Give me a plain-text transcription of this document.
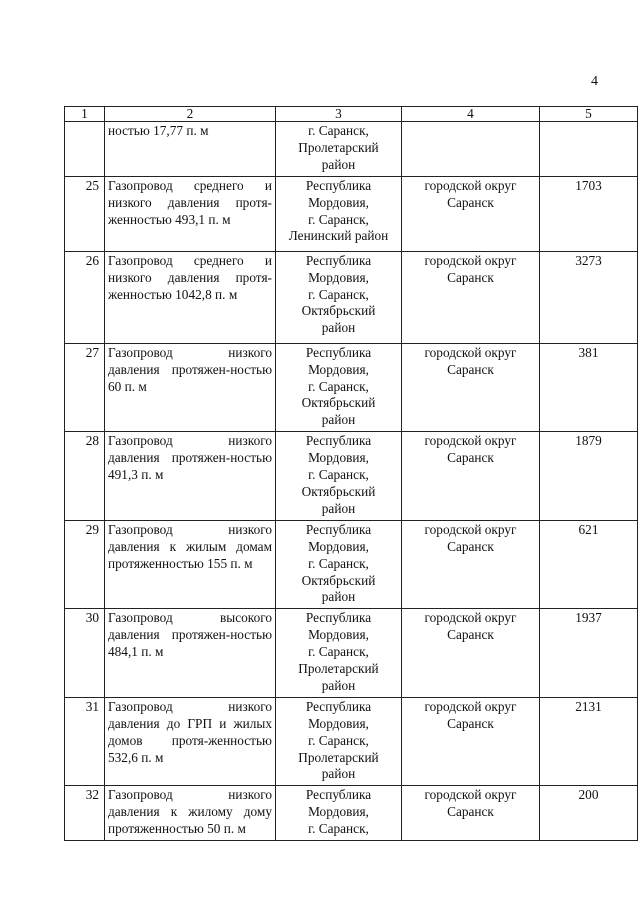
4
1	2	3	4	5
	ностью 17,77 п. м	г. Саранск,
Пролетарский
район		
25	Газопровод среднего и низкого давления протя-женностью 493,1 п. м	Республика
Мордовия,
г. Саранск,
Ленинский район	городской округ
Саранск	1703
26	Газопровод среднего и низкого давления протя-женностью 1042,8 п. м	Республика
Мордовия,
г. Саранск,
Октябрьский
район	городской округ
Саранск	3273
27	Газопровод низкого давления протяжен-ностью 60 п. м	Республика
Мордовия,
г. Саранск,
Октябрьский
район	городской округ
Саранск	381
28	Газопровод низкого давления протяжен-ностью 491,3 п. м	Республика
Мордовия,
г. Саранск,
Октябрьский
район	городской округ
Саранск	1879
29	Газопровод низкого давления к жилым домам протяженностью 155 п. м	Республика
Мордовия,
г. Саранск,
Октябрьский
район	городской округ
Саранск	621
30	Газопровод высокого давления протяжен-ностью 484,1 п. м	Республика
Мордовия,
г. Саранск,
Пролетарский
район	городской округ
Саранск	1937
31	Газопровод низкого давления до ГРП и жилых домов протя-женностью 532,6 п. м	Республика
Мордовия,
г. Саранск,
Пролетарский
район	городской округ
Саранск	2131
32	Газопровод низкого давления к жилому дому протяженностью 50 п. м	Республика
Мордовия,
г. Саранск,	городской округ
Саранск	200
